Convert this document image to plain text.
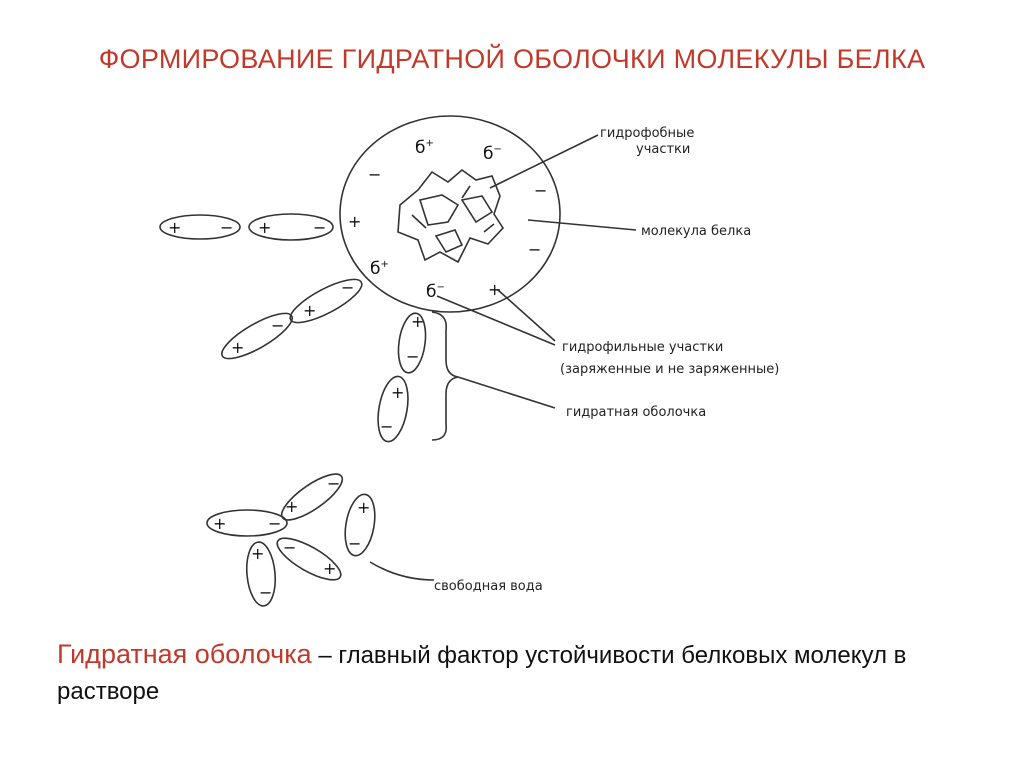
ФОРМИРОВАНИЕ ГИДРАТНОЙ ОБОЛОЧКИ МОЛЕКУЛЫ БЕЛКА
б+
б−
б+
б−
−
+
−
−
+
+ − +	−
+
−
+
−
+
−
+
−
+	−
+
−
+
−
+
−
−
+
гидрофобные
участки
молекула белка
гидрофильные участки
(заряженные и не заряженные)
гидратная оболочка
свободная вода
Гидратная оболочка – главный фактор устойчивости белковых молекул в растворе
